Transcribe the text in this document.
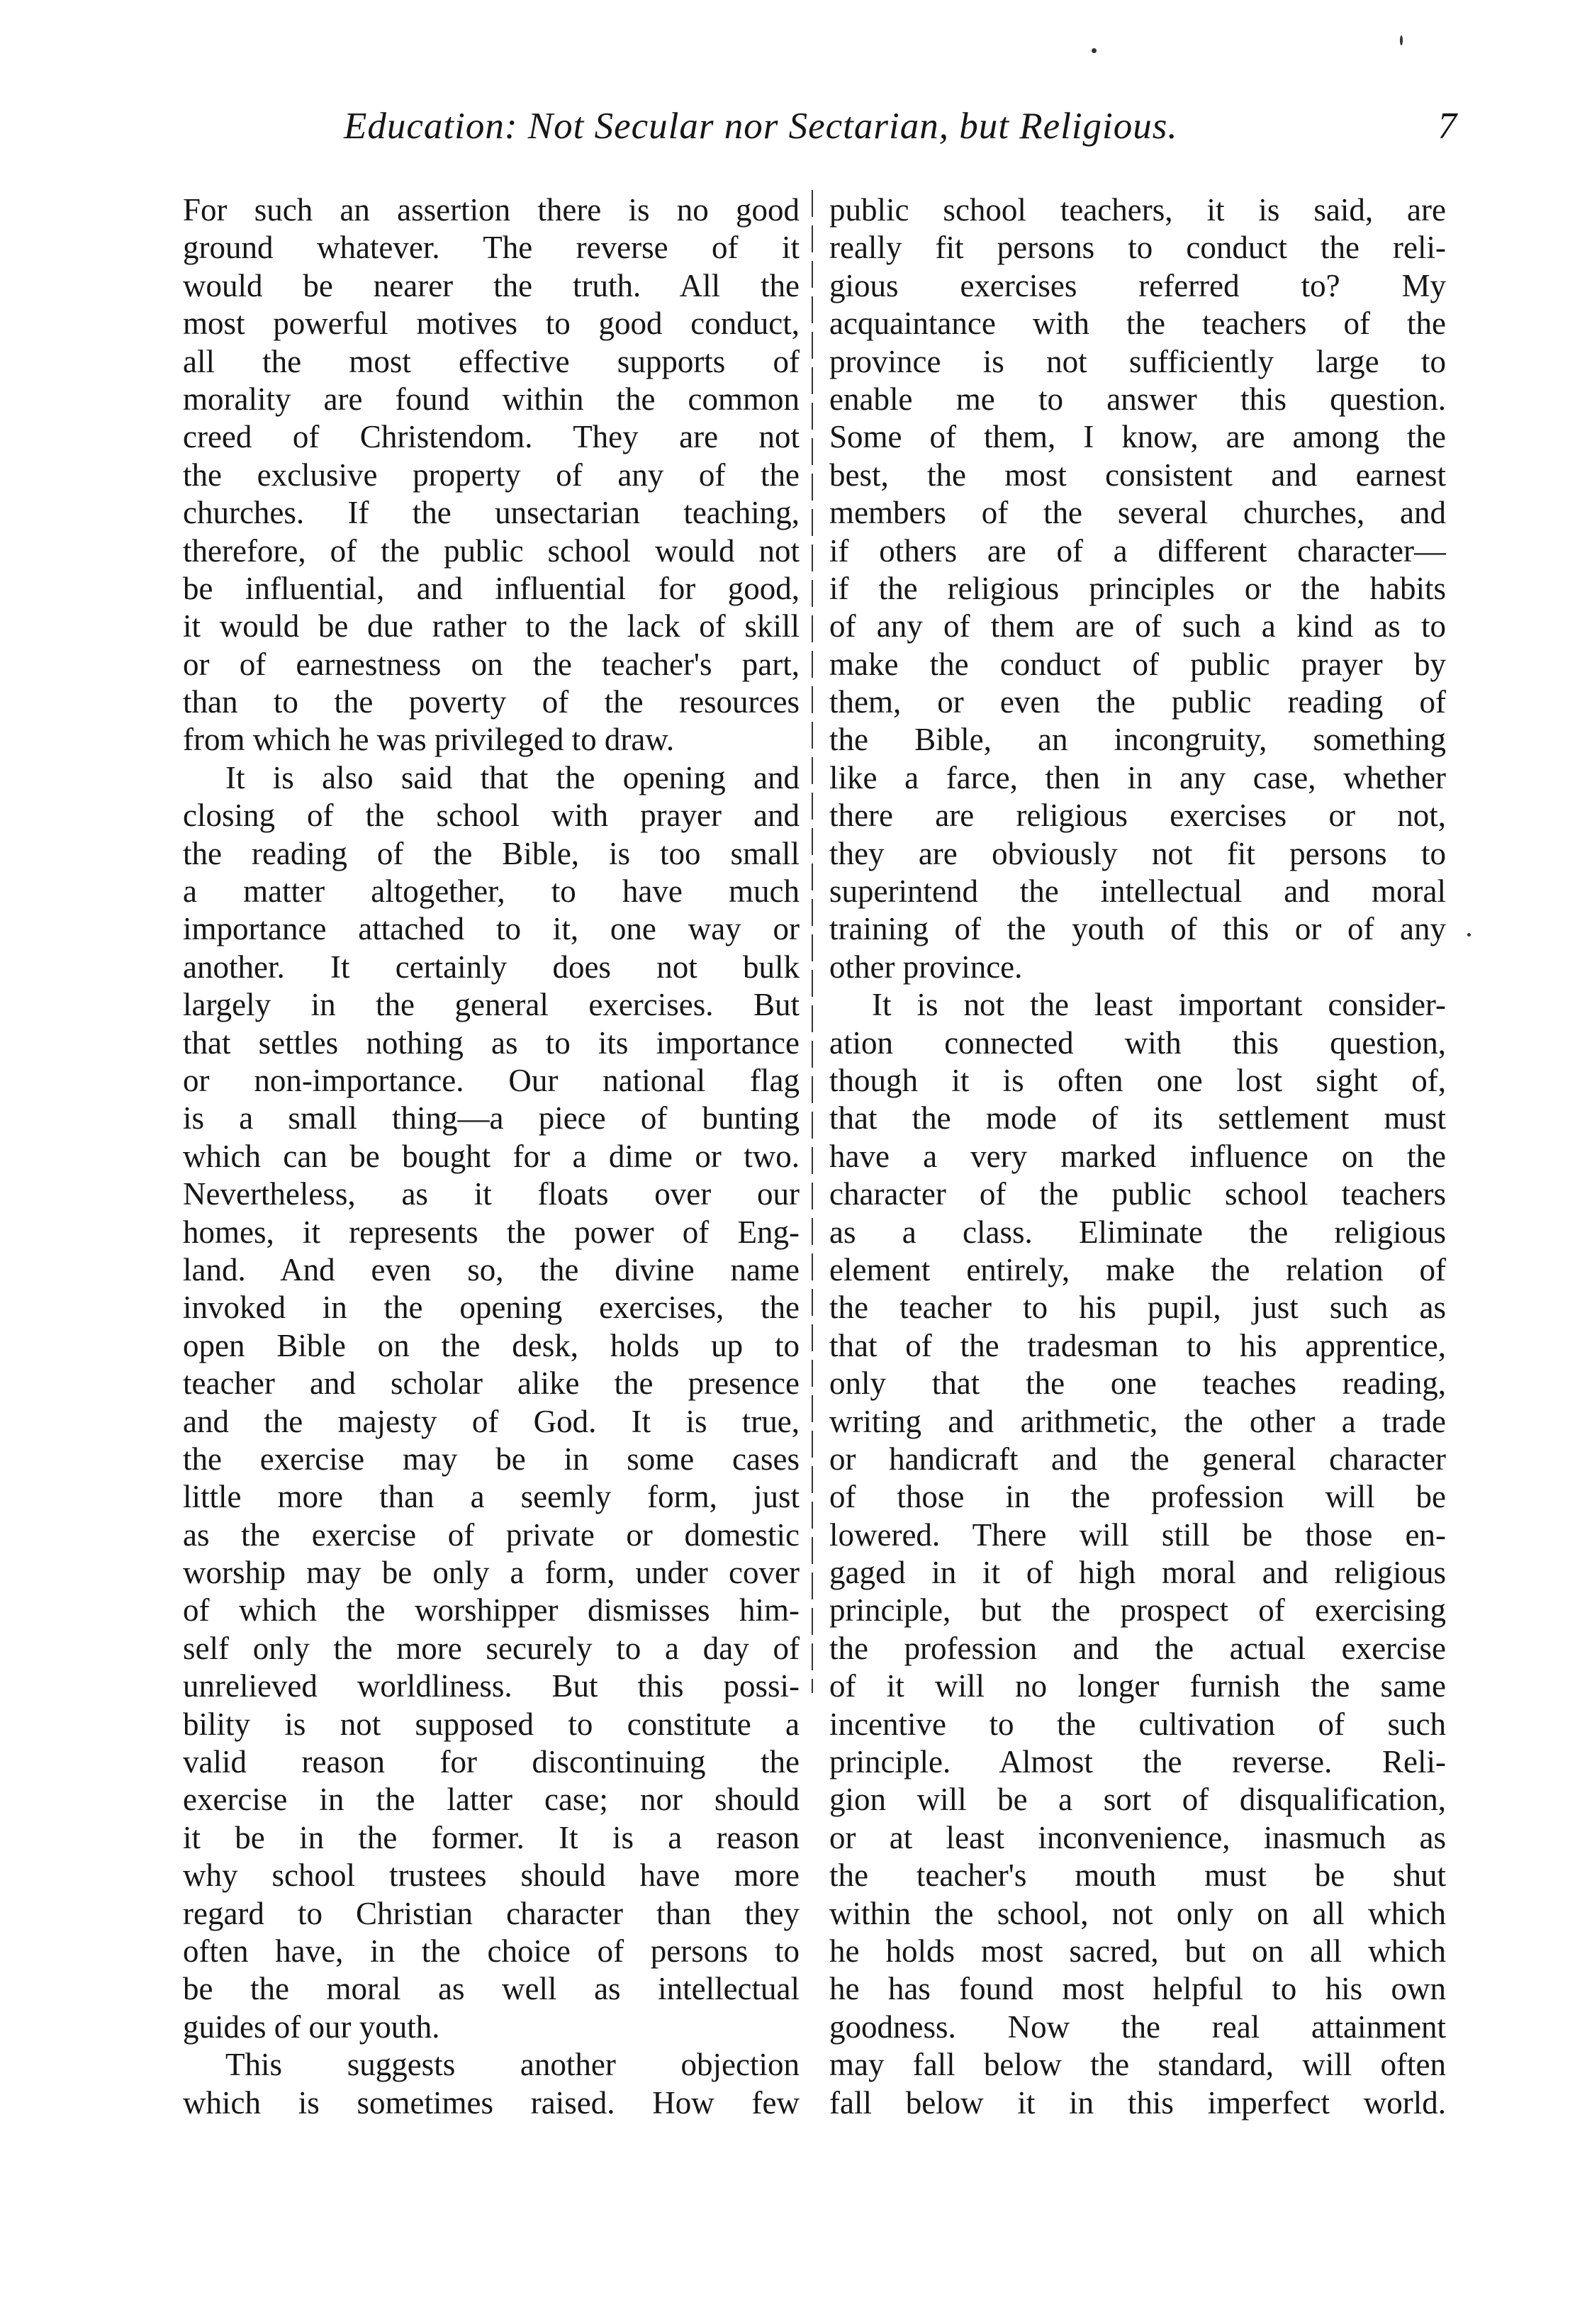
Education: Not Secular nor Sectarian, but Religious.	7
For such an assertion there is no good
ground whatever. The reverse of it
would be nearer the truth. All the
most powerful motives to good conduct,
all the most effective supports of
morality are found within the common
creed of Christendom. They are not
the exclusive property of any of the
churches. If the unsectarian teaching,
therefore, of the public school would not
be influential, and influential for good,
it would be due rather to the lack of skill
or of earnestness on the teacher's part,
than to the poverty of the resources
from which he was privileged to draw.
It is also said that the opening and
closing of the school with prayer and
the reading of the Bible, is too small
a matter altogether, to have much
importance attached to it, one way or
another. It certainly does not bulk
largely in the general exercises. But
that settles nothing as to its importance
or non-importance. Our national flag
is a small thing—a piece of bunting
which can be bought for a dime or two.
Nevertheless, as it floats over our
homes, it represents the power of Eng-
land. And even so, the divine name
invoked in the opening exercises, the
open Bible on the desk, holds up to
teacher and scholar alike the presence
and the majesty of God. It is true,
the exercise may be in some cases
little more than a seemly form, just
as the exercise of private or domestic
worship may be only a form, under cover
of which the worshipper dismisses him-
self only the more securely to a day of
unrelieved worldliness. But this possi-
bility is not supposed to constitute a
valid reason for discontinuing the
exercise in the latter case; nor should
it be in the former. It is a reason
why school trustees should have more
regard to Christian character than they
often have, in the choice of persons to
be the moral as well as intellectual
guides of our youth.
This suggests another objection
which is sometimes raised. How few
public school teachers, it is said, are
really fit persons to conduct the reli-
gious exercises referred to? My
acquaintance with the teachers of the
province is not sufficiently large to
enable me to answer this question.
Some of them, I know, are among the
best, the most consistent and earnest
members of the several churches, and
if others are of a different character—
if the religious principles or the habits
of any of them are of such a kind as to
make the conduct of public prayer by
them, or even the public reading of
the Bible, an incongruity, something
like a farce, then in any case, whether
there are religious exercises or not,
they are obviously not fit persons to
superintend the intellectual and moral
training of the youth of this or of any
other province.
It is not the least important consider-
ation connected with this question,
though it is often one lost sight of,
that the mode of its settlement must
have a very marked influence on the
character of the public school teachers
as a class. Eliminate the religious
element entirely, make the relation of
the teacher to his pupil, just such as
that of the tradesman to his apprentice,
only that the one teaches reading,
writing and arithmetic, the other a trade
or handicraft and the general character
of those in the profession will be
lowered. There will still be those en-
gaged in it of high moral and religious
principle, but the prospect of exercising
the profession and the actual exercise
of it will no longer furnish the same
incentive to the cultivation of such
principle. Almost the reverse. Reli-
gion will be a sort of disqualification,
or at least inconvenience, inasmuch as
the teacher's mouth must be shut
within the school, not only on all which
he holds most sacred, but on all which
he has found most helpful to his own
goodness. Now the real attainment
may fall below the standard, will often
fall below it in this imperfect world.
